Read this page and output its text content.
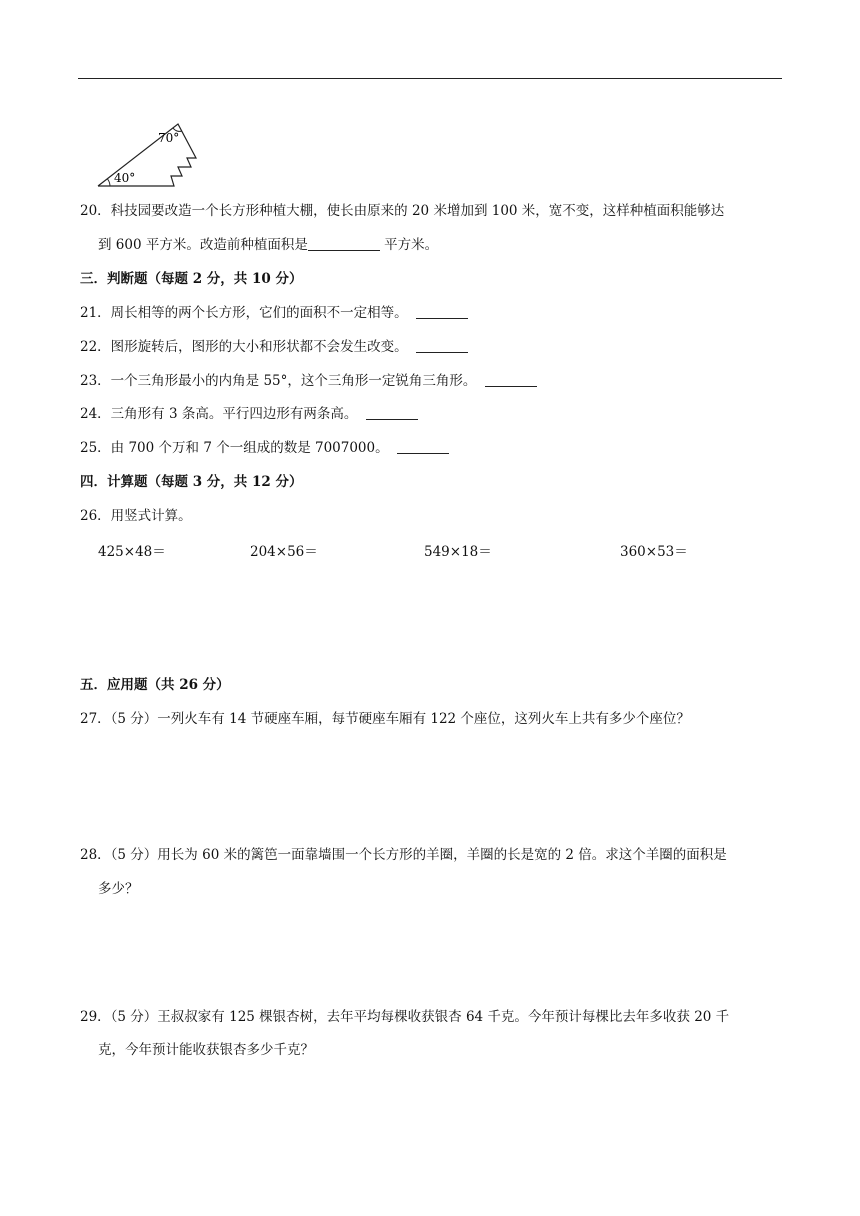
70°
40°
20．科技园要改造一个长方形种植大棚，使长由原来的 20 米增加到 100 米，宽不变，这样种植面积能够达
到 600 平方米。改造前种植面积是	平方米。
三．判断题（每题 2 分，共 10 分）
21．周长相等的两个长方形，它们的面积不一定相等。
22．图形旋转后，图形的大小和形状都不会发生改变。
23．一个三角形最小的内角是 55°，这个三角形一定锐角三角形。
24．三角形有 3 条高。平行四边形有两条高。
25．由 700 个万和 7 个一组成的数是 7007000。
四．计算题（每题 3 分，共 12 分）
26．用竖式计算。
425×48＝	204×56＝	549×18＝	360×53＝
五．应用题（共 26 分）
27．（5 分）一列火车有 14 节硬座车厢，每节硬座车厢有 122 个座位，这列火车上共有多少个座位？
28．（5 分）用长为 60 米的篱笆一面靠墙围一个长方形的羊圈，羊圈的长是宽的 2 倍。求这个羊圈的面积是
多少？
29．（5 分）王叔叔家有 125 棵银杏树，去年平均每棵收获银杏 64 千克。今年预计每棵比去年多收获 20 千
克，今年预计能收获银杏多少千克？
